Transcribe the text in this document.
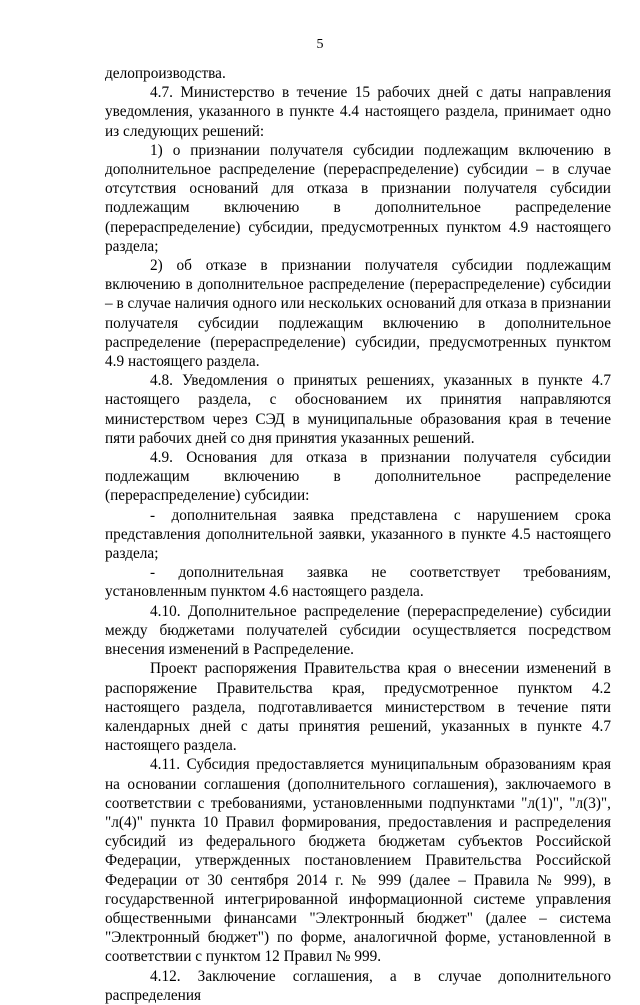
5

делопроизводства.

4.7. Министерство в течение 15 рабочих дней с даты направления уведомления, указанного в пункте 4.4 настоящего раздела, принимает одно из следующих решений:

1) о признании получателя субсидии подлежащим включению в дополнительное распределение (перераспределение) субсидии – в случае отсутствия оснований для отказа в признании получателя субсидии подлежащим включению в дополнительное распределение (перераспределение) субсидии, предусмотренных пунктом 4.9 настоящего раздела;

2) об отказе в признании получателя субсидии подлежащим включению в дополнительное распределение (перераспределение) субсидии – в случае наличия одного или нескольких оснований для отказа в признании получателя субсидии подлежащим включению в дополнительное распределение (перераспределение) субсидии, предусмотренных пунктом 4.9 настоящего раздела.

4.8. Уведомления о принятых решениях, указанных в пункте 4.7 настоящего раздела, с обоснованием их принятия направляются министерством через СЭД в муниципальные образования края в течение пяти рабочих дней со дня принятия указанных решений.

4.9. Основания для отказа в признании получателя субсидии подлежащим включению в дополнительное распределение (перераспределение) субсидии:

- дополнительная заявка представлена с нарушением срока представления дополнительной заявки, указанного в пункте 4.5 настоящего раздела;

- дополнительная заявка не соответствует требованиям, установленным пунктом 4.6 настоящего раздела.

4.10. Дополнительное распределение (перераспределение) субсидии между бюджетами получателей субсидии осуществляется посредством внесения изменений в Распределение.

Проект распоряжения Правительства края о внесении изменений в распоряжение Правительства края, предусмотренное пунктом 4.2 настоящего раздела, подготавливается министерством в течение пяти календарных дней с даты принятия решений, указанных в пункте 4.7 настоящего раздела.

4.11. Субсидия предоставляется муниципальным образованиям края на основании соглашения (дополнительного соглашения), заключаемого в соответствии с требованиями, установленными подпунктами "л(1)", "л(3)", "л(4)" пункта 10 Правил формирования, предоставления и распределения субсидий из федерального бюджета бюджетам субъектов Российской Федерации, утвержденных постановлением Правительства Российской Федерации от 30 сентября 2014 г. № 999 (далее – Правила № 999), в государственной интегрированной информационной системе управления общественными финансами "Электронный бюджет" (далее – система "Электронный бюджет") по форме, аналогичной форме, установленной в соответствии с пунктом 12 Правил № 999.

4.12. Заключение соглашения, а в случае дополнительного распределения
